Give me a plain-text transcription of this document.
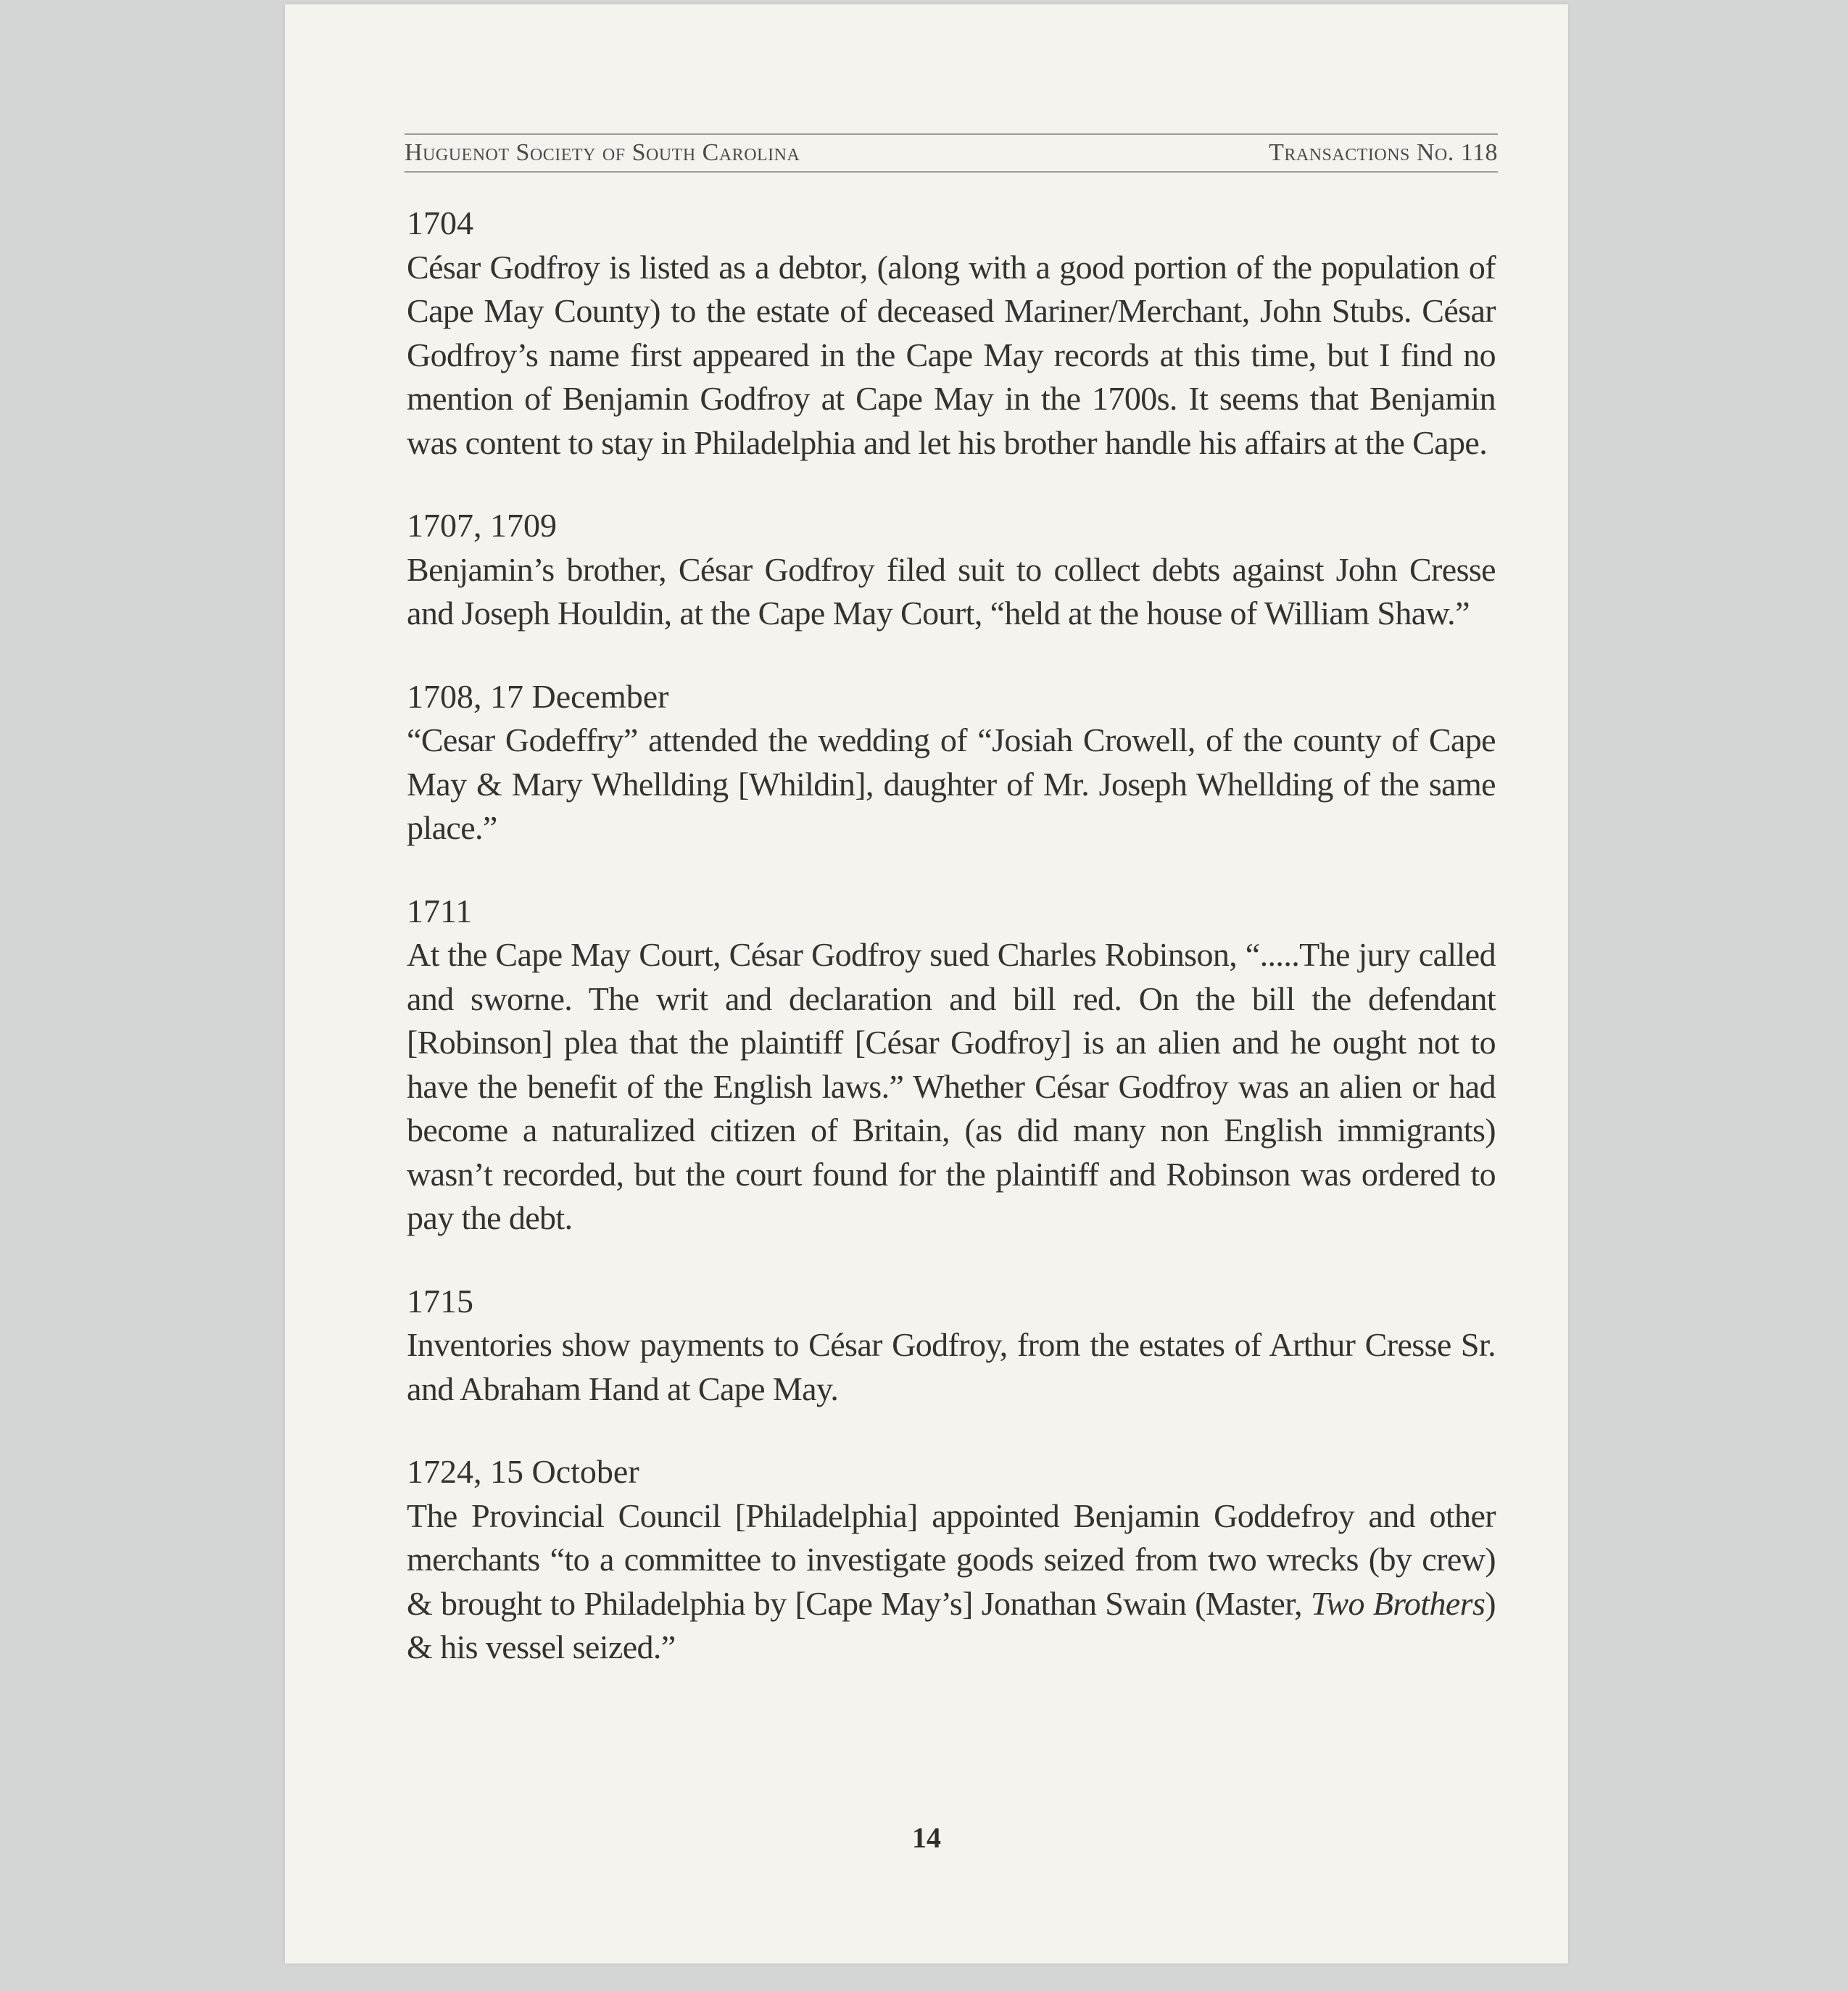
Huguenot Society of South Carolina	Transactions No. 118
1704
César Godfroy is listed as a debtor, (along with a good portion of the population of Cape May County) to the estate of deceased Mariner/Merchant, John Stubs. César Godfroy’s name first appeared in the Cape May records at this time, but I find no mention of Benjamin Godfroy at Cape May in the 1700s. It seems that Benjamin was content to stay in Philadelphia and let his brother handle his affairs at the Cape.
1707, 1709
Benjamin’s brother, César Godfroy filed suit to collect debts against John Cresse and Joseph Houldin, at the Cape May Court, “held at the house of William Shaw.”
1708, 17 December
“Cesar Godeffry” attended the wedding of “Josiah Crowell, of the county of Cape May & Mary Whellding [Whildin], daughter of Mr. Joseph Whellding of the same place.”
1711
At the Cape May Court, César Godfroy sued Charles Robinson, “.....The jury called and sworne. The writ and declaration and bill red. On the bill the defendant [Robinson] plea that the plaintiff [César Godfroy] is an alien and he ought not to have the benefit of the English laws.” Whether César Godfroy was an alien or had become a naturalized citizen of Britain, (as did many non English immigrants) wasn’t recorded, but the court found for the plaintiff and Robinson was ordered to pay the debt.
1715
Inventories show payments to César Godfroy, from the estates of Arthur Cresse Sr. and Abraham Hand at Cape May.
1724, 15 October
The Provincial Council [Philadelphia] appointed Benjamin Goddefroy and other merchants “to a committee to investigate goods seized from two wrecks (by crew) & brought to Philadelphia by [Cape May’s] Jonathan Swain (Master, Two Brothers) & his vessel seized.”
14
